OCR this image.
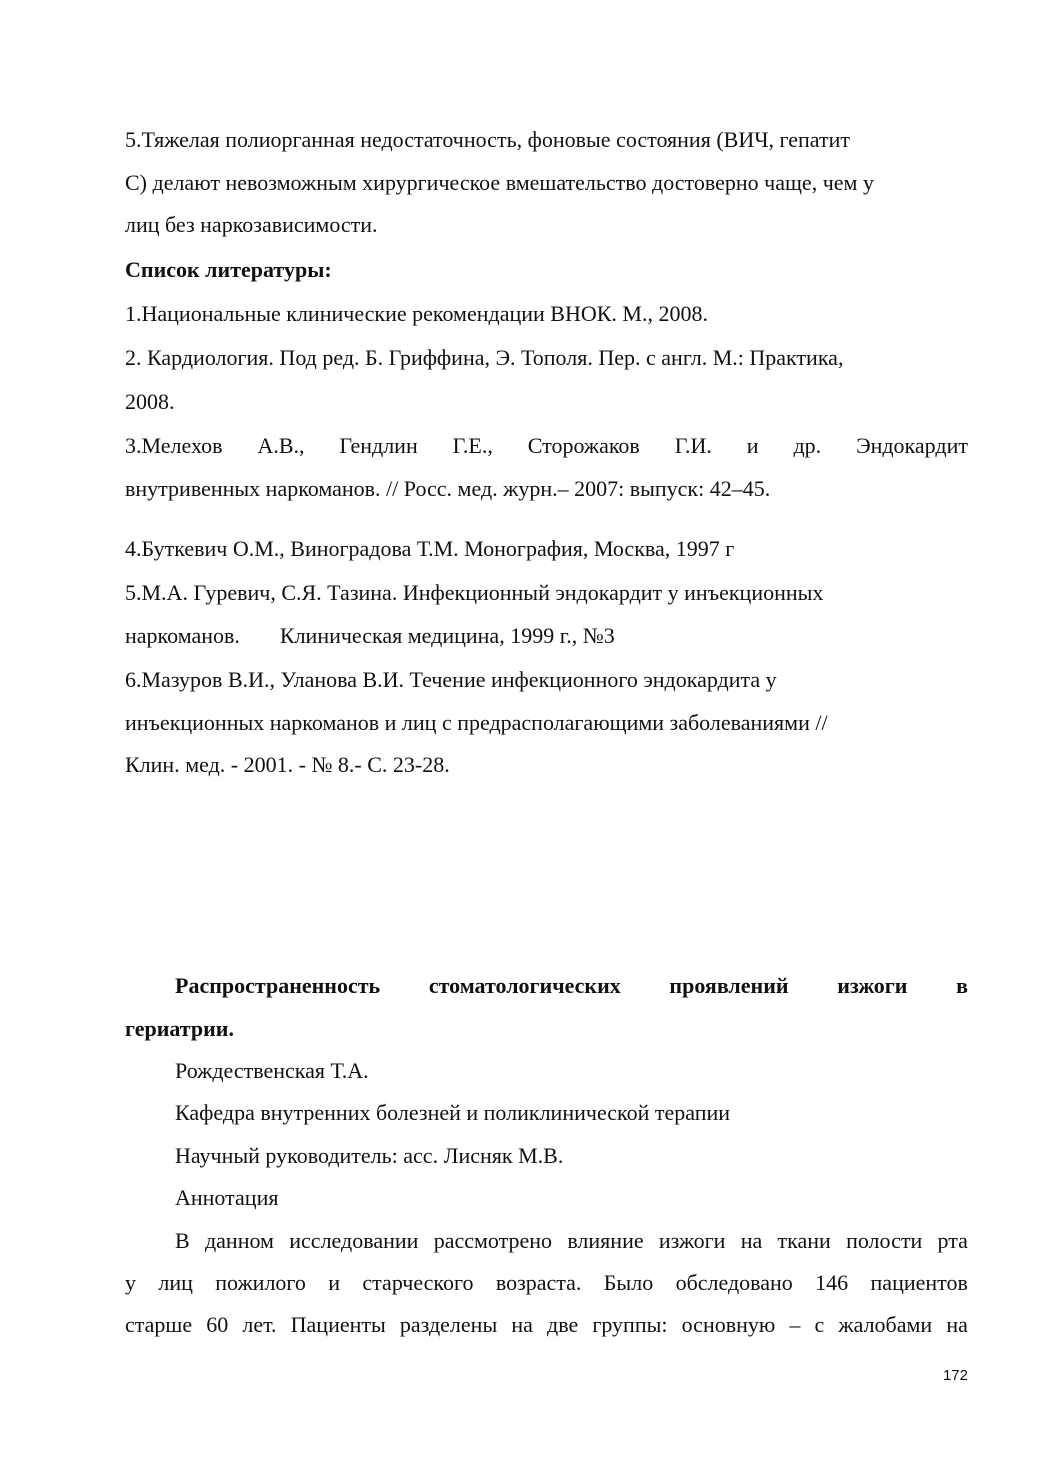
5.Тяжелая полиорганная недостаточность, фоновые состояния (ВИЧ, гепатит
С) делают невозможным хирургическое вмешательство достоверно чаще, чем у
лиц без наркозависимости.
Список литературы:
1.Национальные клинические рекомендации ВНОК. М., 2008.
2. Кардиология. Под ред. Б. Гриффина, Э. Тополя. Пер. с англ. М.: Практика,
2008.
3.Мелехов А.В., Гендлин Г.Е., Сторожаков Г.И. и др. Эндокардит
внутривенных наркоманов. // Росс. мед. журн.– 2007: выпуск: 42–45.
4.Буткевич О.М., Виноградова Т.М. Монография, Москва, 1997 г
5.М.А. Гуревич, С.Я. Тазина. Инфекционный эндокардит у инъекционных
наркоманов. Клиническая медицина, 1999 г., №3
6.Мазуров В.И., Уланова В.И. Течение инфекционного эндокардита у
инъекционных наркоманов и лиц с предрасполагающими заболеваниями //
Клин. мед. - 2001. - № 8.- С. 23-28.
Распространенность стоматологических проявлений изжоги в
гериатрии.
Рождественская Т.А.
Кафедра внутренних болезней и поликлинической терапии
Научный руководитель: асс. Лисняк М.В.
Аннотация
В данном исследовании рассмотрено влияние изжоги на ткани полости рта
у лиц пожилого и старческого возраста. Было обследовано 146 пациентов
старше 60 лет. Пациенты разделены на две группы: основную – с жалобами на
172
